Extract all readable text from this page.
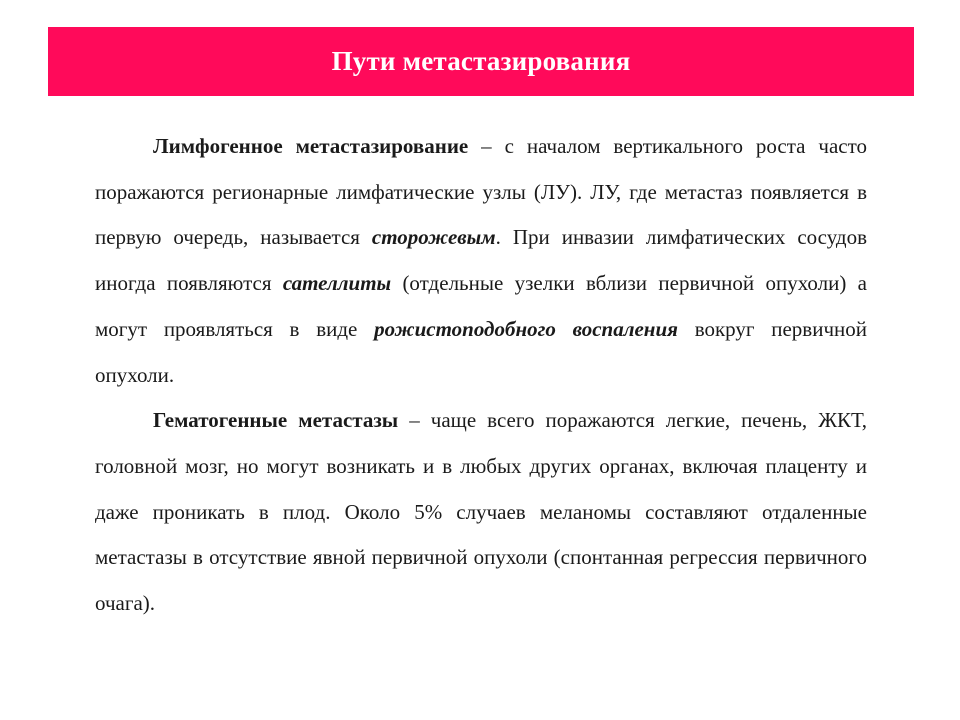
Пути метастазирования

Лимфогенное метастазирование – с началом вертикального роста часто поражаются регионарные лимфатические узлы (ЛУ). ЛУ, где метастаз появляется в первую очередь, называется сторожевым. При инвазии лимфатических сосудов иногда появляются сателлиты (отдельные узелки вблизи первичной опухоли) а могут проявляться в виде рожистоподобного воспаления вокруг первичной опухоли.

Гематогенные метастазы – чаще всего поражаются легкие, печень, ЖКТ, головной мозг, но могут возникать и в любых других органах, включая плаценту и даже проникать в плод. Около 5% случаев меланомы составляют отдаленные метастазы в отсутствие явной первичной опухоли (спонтанная регрессия первичного очага).
